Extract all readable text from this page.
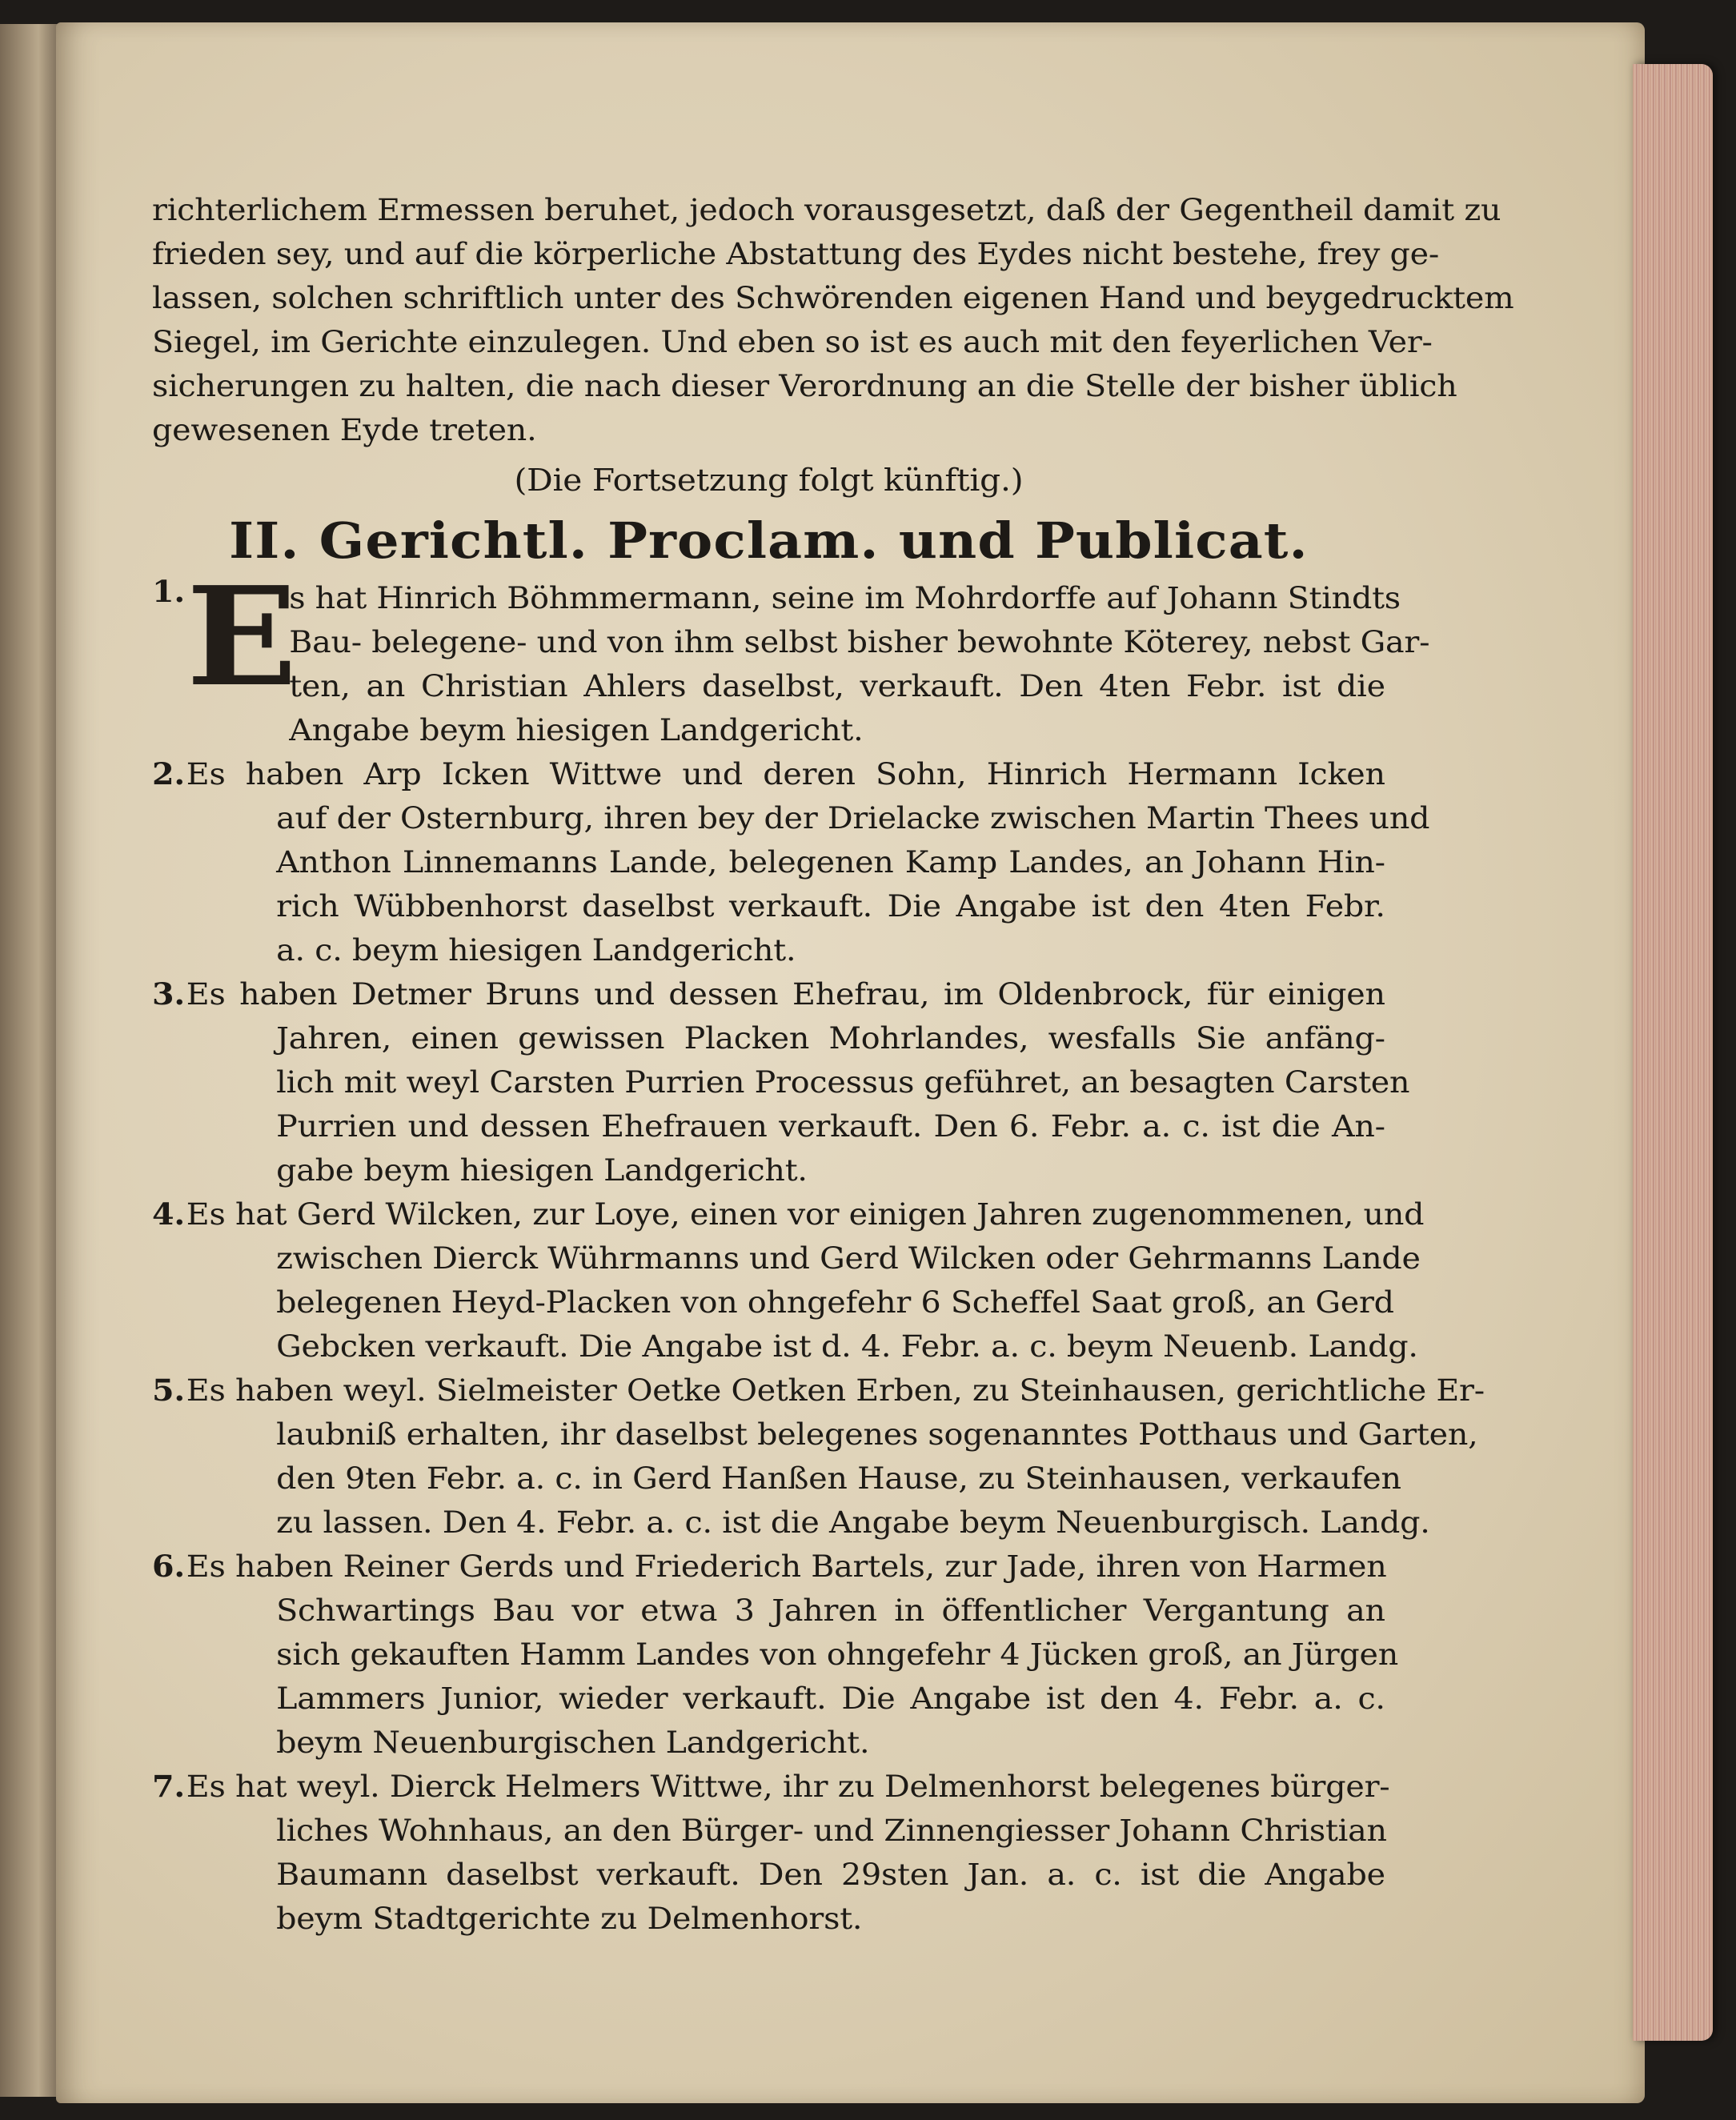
richterlichem Ermessen beruhet, jedoch vorausgesetzt, daß der Gegentheil damit zu
frieden sey, und auf die körperliche Abstattung des Eydes nicht bestehe, frey ge-
lassen, solchen schriftlich unter des Schwörenden eigenen Hand und beygedrucktem
Siegel, im Gerichte einzulegen. Und eben so ist es auch mit den feyerlichen Ver-
sicherungen zu halten, die nach dieser Verordnung an die Stelle der bisher üblich
gewesenen Eyde treten.
(Die Fortsetzung folgt künftig.)
II. Gerichtl. Proclam. und Publicat.
1. E
s hat Hinrich Böhmmermann, seine im Mohrdorffe auf Johann Stindts
Bau- belegene- und von ihm selbst bisher bewohnte Köterey, nebst Gar-
ten, an Christian Ahlers daselbst, verkauft. Den 4ten Febr. ist die
Angabe beym hiesigen Landgericht.
2. Es haben Arp Icken Wittwe und deren Sohn, Hinrich Hermann Icken
auf der Osternburg, ihren bey der Drielacke zwischen Martin Thees und
Anthon Linnemanns Lande, belegenen Kamp Landes, an Johann Hin-
rich Wübbenhorst daselbst verkauft. Die Angabe ist den 4ten Febr.
a. c. beym hiesigen Landgericht.
3. Es haben Detmer Bruns und dessen Ehefrau, im Oldenbrock, für einigen
Jahren, einen gewissen Placken Mohrlandes, wesfalls Sie anfäng-
lich mit weyl Carsten Purrien Processus geführet, an besagten Carsten
Purrien und dessen Ehefrauen verkauft. Den 6. Febr. a. c. ist die An-
gabe beym hiesigen Landgericht.
4. Es hat Gerd Wilcken, zur Loye, einen vor einigen Jahren zugenommenen, und
zwischen Dierck Wührmanns und Gerd Wilcken oder Gehrmanns Lande
belegenen Heyd-Placken von ohngefehr 6 Scheffel Saat groß, an Gerd
Gebcken verkauft. Die Angabe ist d. 4. Febr. a. c. beym Neuenb. Landg.
5. Es haben weyl. Sielmeister Oetke Oetken Erben, zu Steinhausen, gerichtliche Er-
laubniß erhalten, ihr daselbst belegenes sogenanntes Potthaus und Garten,
den 9ten Febr. a. c. in Gerd Hanßen Hause, zu Steinhausen, verkaufen
zu lassen. Den 4. Febr. a. c. ist die Angabe beym Neuenburgisch. Landg.
6. Es haben Reiner Gerds und Friederich Bartels, zur Jade, ihren von Harmen
Schwartings Bau vor etwa 3 Jahren in öffentlicher Vergantung an
sich gekauften Hamm Landes von ohngefehr 4 Jücken groß, an Jürgen
Lammers Junior, wieder verkauft. Die Angabe ist den 4. Febr. a. c.
beym Neuenburgischen Landgericht.
7. Es hat weyl. Dierck Helmers Wittwe, ihr zu Delmenhorst belegenes bürger-
liches Wohnhaus, an den Bürger- und Zinnengiesser Johann Christian
Baumann daselbst verkauft. Den 29sten Jan. a. c. ist die Angabe
beym Stadtgerichte zu Delmenhorst.
